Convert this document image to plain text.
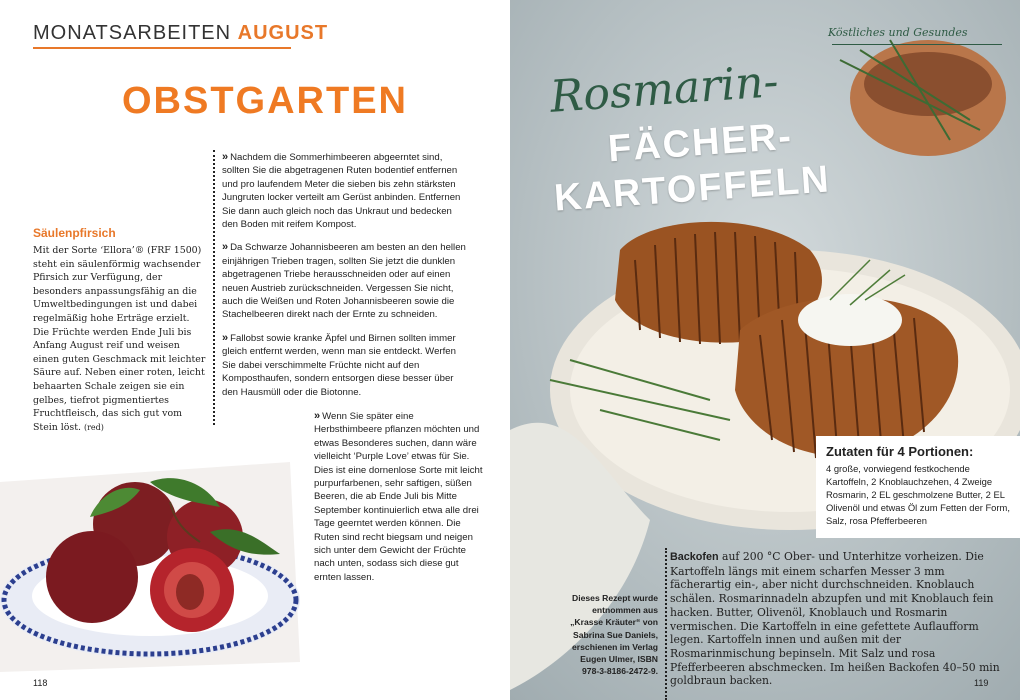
MONATSARBEITEN AUGUST
OBSTGARTEN
Säulenpfirsich
Mit der Sorte ‘Ellora’® (FRF 1500) steht ein säulenförmig wachsender Pfirsich zur Verfügung, der besonders anpassungsfähig an die Umweltbedingungen ist und dabei regelmäßig hohe Erträge erzielt. Die Früchte werden Ende Juli bis Anfang August reif und weisen einen guten Geschmack mit leichter Säure auf. Neben einer roten, leicht behaarten Schale zeigen sie ein gelbes, tiefrot pigmentiertes Fruchtfleisch, das sich gut vom Stein löst. (red)

» Nachdem die Sommerhimbeeren abgeerntet sind, sollten Sie die abgetragenen Ruten bodentief entfernen und pro laufendem Meter die sieben bis zehn stärksten Jungruten locker verteilt am Gerüst anbinden. Entfernen Sie dann auch gleich noch das Unkraut und bedecken den Boden mit reifem Kompost.

» Da Schwarze Johannisbeeren am besten an den hellen einjährigen Trieben tragen, sollten Sie jetzt die dunklen abgetragenen Triebe herausschneiden oder auf einen neuen Austrieb zurückschneiden. Vergessen Sie nicht, auch die Weißen und Roten Johannisbeeren sowie die Stachelbeeren direkt nach der Ernte zu schneiden.

» Fallobst sowie kranke Äpfel und Birnen sollten immer gleich entfernt werden, wenn man sie entdeckt. Werfen Sie dabei verschimmelte Früchte nicht auf den Komposthaufen, sondern entsorgen diese besser über den Hausmüll oder die Biotonne.

» Wenn Sie später eine Herbsthimbeere pflanzen möchten und etwas Besonderes suchen, dann wäre vielleicht ‘Purple Love’ etwas für Sie. Dies ist eine dornenlose Sorte mit leicht purpurfarbenen, sehr saftigen, süßen Beeren, die ab Ende Juli bis Mitte September kontinuierlich etwa alle drei Tage geerntet werden können. Die Ruten sind recht biegsam und neigen sich unter dem Gewicht der Früchte nach unten, sodass sich diese gut ernten lassen.

118
Köstliches und Gesundes
Rosmarin-
FÄCHER-
KARTOFFELN
Zutaten für 4 Portionen:
4 große, vorwiegend festkochende Kartoffeln, 2 Knoblauchzehen, 4 Zweige Rosmarin, 2 EL geschmolzene Butter, 2 EL Olivenöl und etwas Öl zum Fetten der Form, Salz, rosa Pfefferbeeren
Dieses Rezept wurde entnommen aus „Krasse Kräuter“ von Sabrina Sue Daniels, erschienen im Verlag Eugen Ulmer, ISBN 978-3-8186-2472-9.
Backofen auf 200 °C Ober- und Unterhitze vorheizen. Die Kartoffeln längs mit einem scharfen Messer 3 mm fächerartig ein-, aber nicht durchschneiden. Knoblauch schälen. Rosmarinnadeln abzupfen und mit Knoblauch fein hacken. Butter, Olivenöl, Knoblauch und Rosmarin vermischen. Die Kartoffeln in eine gefettete Auflaufform legen. Kartoffeln innen und außen mit der Rosmarinmischung bepinseln. Mit Salz und rosa Pfefferbeeren abschmecken. Im heißen Backofen 40–50 min goldbraun backen.	119
